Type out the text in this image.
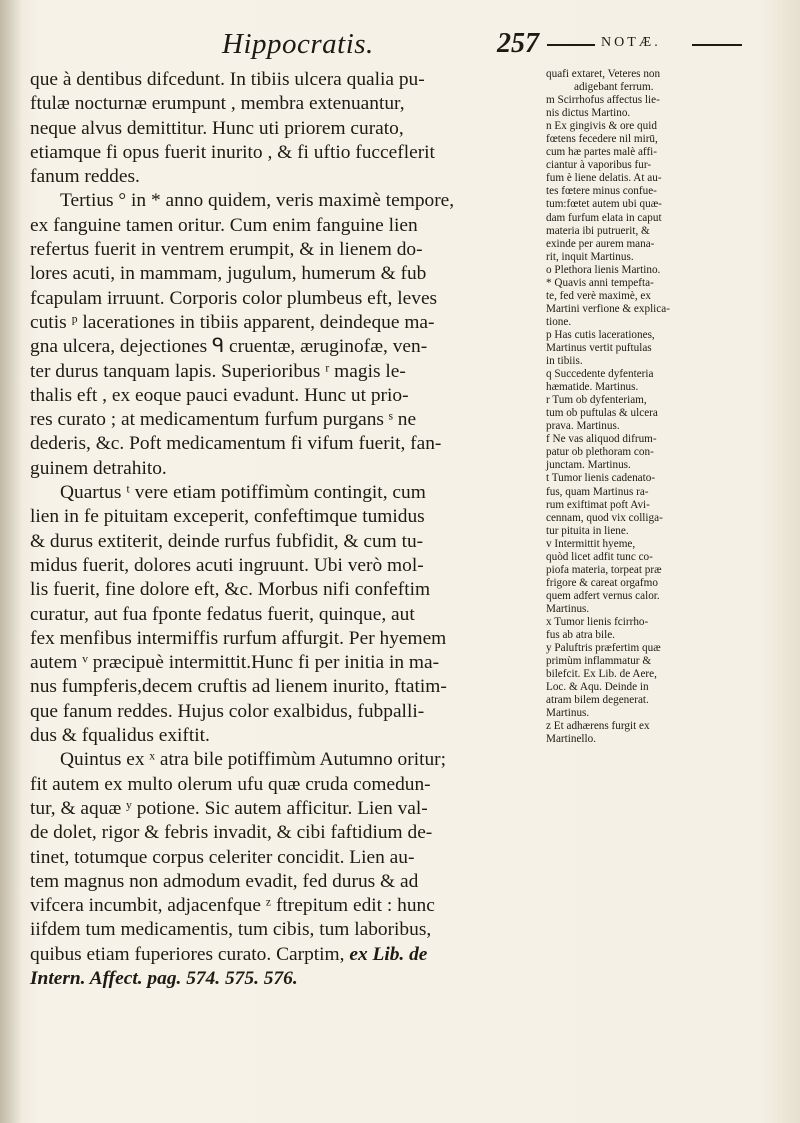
Hippocratis.	257	NOTÆ.

que à dentibus difcedunt. In tibiis ulcera qualia pu-

ftulæ nocturnæ erumpunt , membra extenuantur,

neque alvus demittitur. Hunc uti priorem curato,

etiamque fi opus fuerit inurito , & fi uftio fucceflerit

fanum reddes.

Tertius ° in * anno quidem, veris maximè tempore,

ex fanguine tamen oritur. Cum enim fanguine lien

refertus fuerit in ventrem erumpit, & in lienem do-

lores acuti, in mammam, jugulum, humerum & fub

fcapulam irruunt. Corporis color plumbeus eft, leves

cutis ᵖ lacerationes in tibiis apparent, deindeque ma-

gna ulcera, dejectiones ᑫ cruentæ, æruginofæ, ven-

ter durus tanquam lapis. Superioribus ʳ magis le-

thalis eft , ex eoque pauci evadunt. Hunc ut prio-

res curato ; at medicamentum furfum purgans ˢ ne

dederis, &c. Poft medicamentum fi vifum fuerit, fan-

guinem detrahito.

Quartus ᵗ vere etiam potiffimùm contingit, cum

lien in fe pituitam exceperit, confeftimque tumidus

& durus extiterit, deinde rurfus fubfidit, & cum tu-

midus fuerit, dolores acuti ingruunt. Ubi verò mol-

lis fuerit, fine dolore eft, &c. Morbus nifi confeftim

curatur, aut fua fponte fedatus fuerit, quinque, aut

fex menfibus intermiffis rurfum affurgit. Per hyemem

autem ᵛ præcipuè intermittit.Hunc fi per initia in ma-

nus fumpferis,decem cruftis ad lienem inurito, ftatim-

que fanum reddes. Hujus color exalbidus, fubpalli-

dus & fqualidus exiftit.

Quintus ex ˣ atra bile potiffimùm Autumno oritur;

fit autem ex multo olerum ufu quæ cruda comedun-

tur, & aquæ ʸ potione. Sic autem afficitur. Lien val-

de dolet, rigor & febris invadit, & cibi faftidium de-

tinet, totumque corpus celeriter concidit. Lien au-

tem magnus non admodum evadit, fed durus & ad

vifcera incumbit, adjacenfque ᶻ ftrepitum edit : hunc

iifdem tum medicamentis, tum cibis, tum laboribus,

quibus etiam fuperiores curato. Carptim, ex Lib. de

Intern. Affect. pag. 574. 575. 576.

quafi extaret, Veteres non

adigebant ferrum.

m Scirrhofus affectus lie-

nis dictus Martino.

n Ex gingivis & ore quid

fœtens fecedere nil mirū,

cum hæ partes malè affi-

ciantur à vaporibus fur-

fum è liene delatis. At au-

tes fœtere minus confue-

tum:fœtet autem ubi quæ-

dam furfum elata in caput

materia ibi putruerit, &

exinde per aurem mana-

rit, inquit Martinus.

o Plethora lienis Martino.

* Quavis anni tempefta-

te, fed verè maximè, ex

Martini verfione & explica-

tione.

p Has cutis lacerationes,

Martinus vertit puftulas

in tibiis.

q Succedente dyfenteria

hæmatide. Martinus.

r Tum ob dyfenteriam,

tum ob puftulas & ulcera

prava. Martinus.

f Ne vas aliquod difrum-

patur ob plethoram con-

junctam. Martinus.

t Tumor lienis cadenato-

fus, quam Martinus ra-

rum exiftimat poft Avi-

cennam, quod vix colliga-

tur pituita in liene.

v Intermittit hyeme,

quòd licet adfit tunc co-

piofa materia, torpeat præ

frigore & careat orgafmo

quem adfert vernus calor.

Martinus.

x Tumor lienis fcirrho-

fus ab atra bile.

y Paluftris præfertim quæ

primùm inflammatur &

bilefcit. Ex Lib. de Aere,

Loc. & Aqu. Deinde in

atram bilem degenerat.

Martinus.

z Et adhærens furgit ex

Martinello.
